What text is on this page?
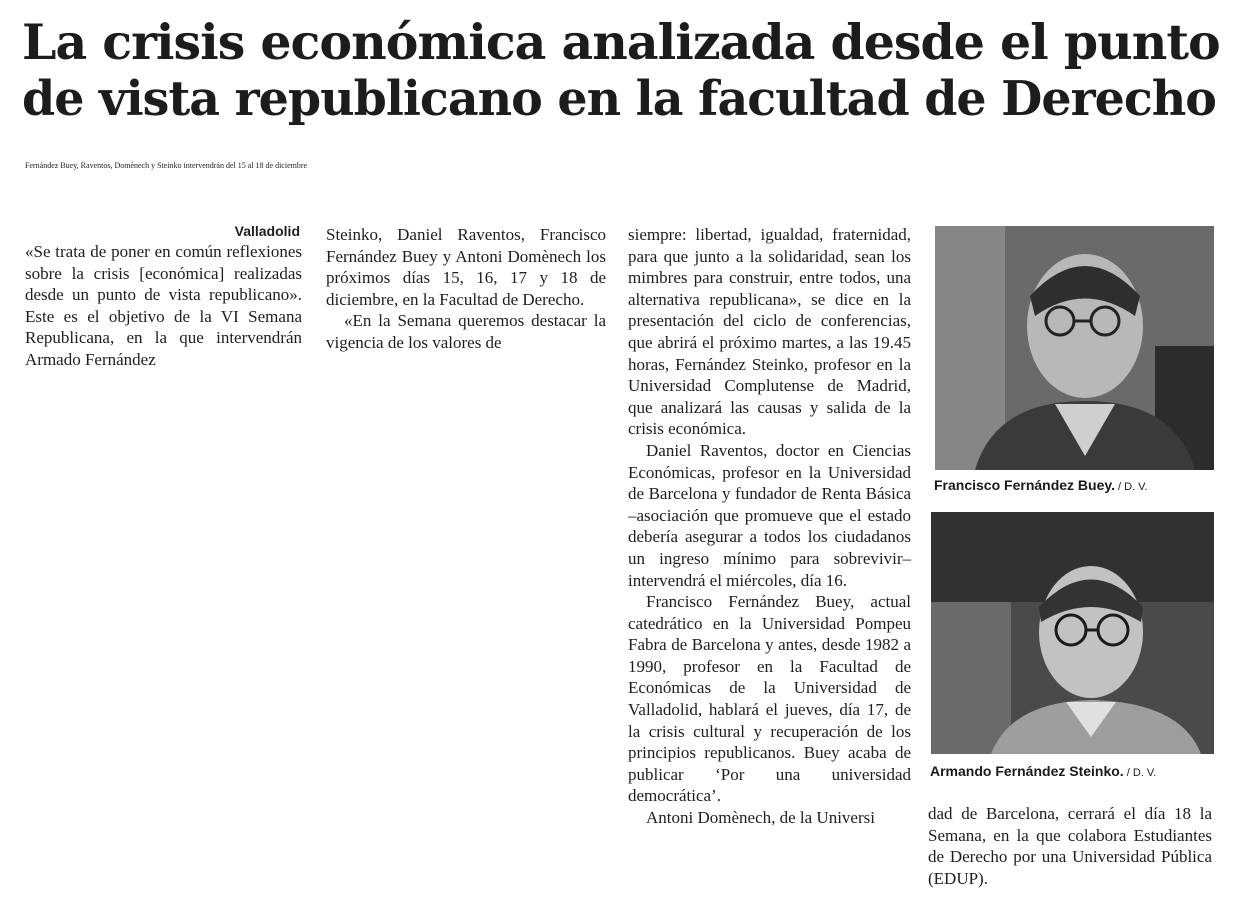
La crisis económica analizada desde el punto
de vista republicano en la facultad de Derecho
Fernández Buey, Raventos, Domènech y Steinko intervendrán del 15 al 18 de diciembre
Valladolid

«Se trata de poner en común reflexiones sobre la crisis [económica] realizadas desde un punto de vista republicano». Este es el objetivo de la VI Semana Republicana, en la que intervendrán Armado Fernández

Steinko, Daniel Raventos, Francisco Fernández Buey y Antoni Domènech los próximos días 15, 16, 17 y 18 de diciembre, en la Facultad de Derecho.

«En la Semana queremos destacar la vigencia de los valores de

siempre: libertad, igualdad, fraternidad, para que junto a la solidaridad, sean los mimbres para construir, entre todos, una alternativa republicana», se dice en la presentación del ciclo de conferencias, que abrirá el próximo martes, a las 19.45 horas, Fernández Steinko, profesor en la Universidad Complutense de Madrid, que analizará las causas y salida de la crisis económica.

Daniel Raventos, doctor en Ciencias Económicas, profesor en la Universidad de Barcelona y fundador de Renta Básica –asociación que promueve que el estado debería asegurar a todos los ciudadanos un ingreso mínimo para sobrevivir– intervendrá el miércoles, día 16.

Francisco Fernández Buey, actual catedrático en la Universidad Pompeu Fabra de Barcelona y antes, desde 1982 a 1990, profesor en la Facultad de Económicas de la Universidad de Valladolid, hablará el jueves, día 17, de la crisis cultural y recuperación de los principios republicanos. Buey acaba de publicar ‘Por una universidad democrática’.

Antoni Domènech, de la Universi

Francisco Fernández Buey. / D. V.
Armando Fernández Steinko. / D. V.

dad de Barcelona, cerrará el día 18 la Semana, en la que colabora Estudiantes de Derecho por una Universidad Pública (EDUP).
